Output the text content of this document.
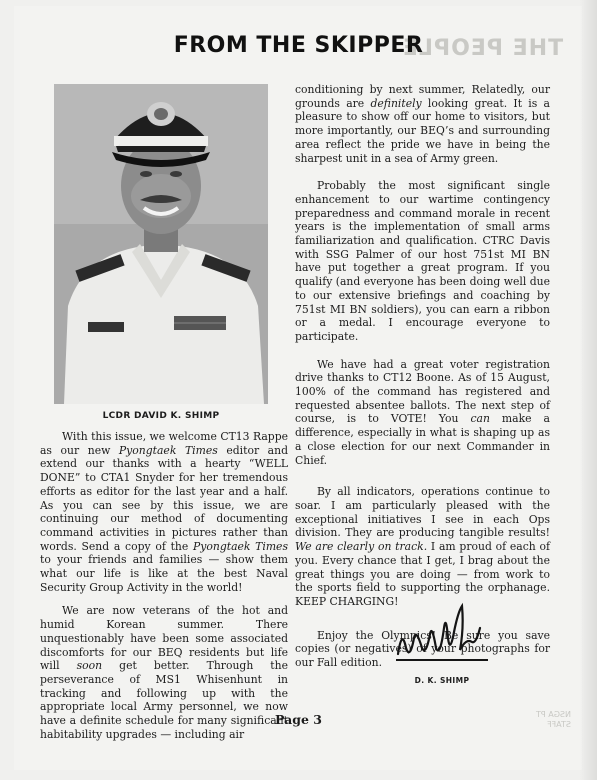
THE PEOPLE
NSGA PT STAFF
FROM THE SKIPPER
LCDR DAVID K. SHIMP

With this issue, we welcome CT13 Rappe as our new Pyongtaek Times editor and extend our thanks with a hearty “WELL DONE” to CTA1 Snyder for her tremendous efforts as editor for the last year and a half. As you can see by this issue, we are continuing our method of documenting command activities in pictures rather than words. Send a copy of the Pyongtaek Times to your friends and families — show them what our life is like at the best Naval Security Group Activity in the world!

We are now veterans of the hot and humid Korean summer. There unquestionably have been some associated discomforts for our BEQ residents but life will soon get better. Through the perseverance of MS1 Whisenhunt in tracking and following up with the appropriate local Army personnel, we now have a definite schedule for many significant habitability upgrades — including air

conditioning by next summer, Relatedly, our grounds are definitely looking great. It is a pleasure to show off our home to visitors, but more importantly, our BEQ’s and surrounding area reflect the pride we have in being the sharpest unit in a sea of Army green.

Probably the most significant single enhancement to our wartime contingency preparedness and command morale in recent years is the implementation of small arms familiarization and qualification. CTRC Davis with SSG Palmer of our host 751st MI BN have put together a great program. If you qualify (and everyone has been doing well due to our extensive briefings and coaching by 751st MI BN soldiers), you can earn a ribbon or a medal. I encourage everyone to participate.

We have had a great voter registration drive thanks to CT12 Boone. As of 15 August, 100% of the command has registered and requested absentee ballots. The next step of course, is to VOTE! You can make a difference, especially in what is shaping up as a close election for our next Commander in Chief.

By all indicators, operations continue to soar. I am particularly pleased with the exceptional initiatives I see in each Ops division. They are producing tangible results! We are clearly on track. I am proud of each of you. Every chance that I get, I brag about the great things you are doing — from work to the sports field to supporting the orphanage. KEEP CHARGING!

Enjoy the Olympics! Be sure you save copies (or negatives) of your photographs for our Fall edition.

D. K. SHIMP
Page 3
